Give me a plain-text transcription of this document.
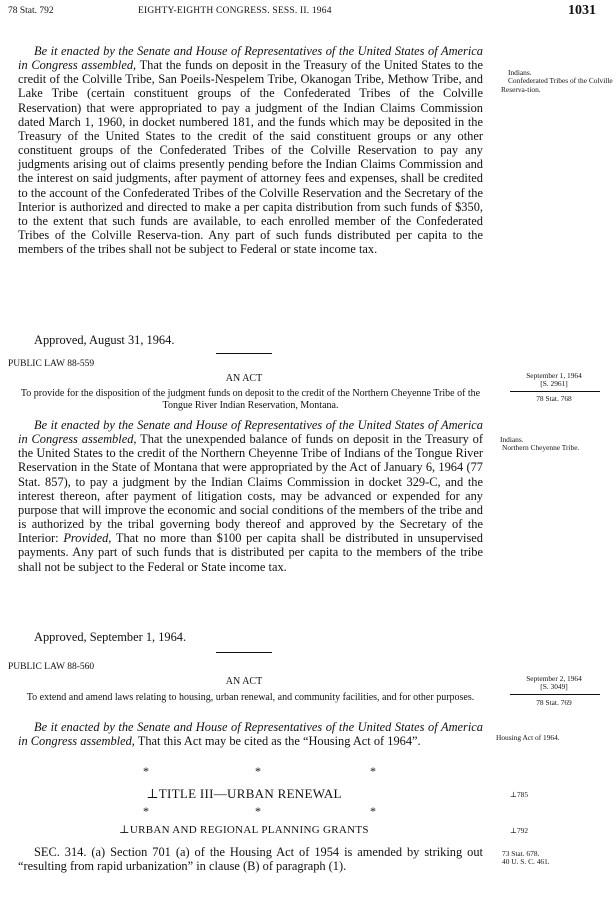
78 Stat. 792	EIGHTY-EIGHTH CONGRESS. SESS. II. 1964	1031

Be it enacted by the Senate and House of Representatives of the United States of America in Congress assembled, That the funds on deposit in the Treasury of the United States to the credit of the Colville Tribe, San Poeils-Nespelem Tribe, Okanogan Tribe, Methow Tribe, and Lake Tribe (certain constituent groups of the Confederated Tribes of the Colville Reservation) that were appropriated to pay a judgment of the Indian Claims Commission dated March 1, 1960, in docket numbered 181, and the funds which may be deposited in the Treasury of the United States to the credit of the said constituent groups or any other constituent groups of the Confederated Tribes of the Colville Reservation to pay any judgments arising out of claims presently pending before the Indian Claims Commission and the interest on said judgments, after payment of attorney fees and expenses, shall be credited to the account of the Confederated Tribes of the Colville Reservation and the Secretary of the Interior is authorized and directed to make a per capita distribution from such funds of $350, to the extent that such funds are available, to each enrolled member of the Confederated Tribes of the Colville Reserva-tion. Any part of such funds distributed per capita to the members of the tribes shall not be subject to Federal or state income tax.

Approved, August 31, 1964.
Indians.
Confederated Tribes of the Colville Reserva-tion.
PUBLIC LAW 88-559
AN ACT
To provide for the disposition of the judgment funds on deposit to the credit of the Northern Cheyenne Tribe of the Tongue River Indian Reservation, Montana.
September 1, 1964
[S. 2961]
78 Stat. 768

Be it enacted by the Senate and House of Representatives of the United States of America in Congress assembled, That the unexpended balance of funds on deposit in the Treasury of the United States to the credit of the Northern Cheyenne Tribe of Indians of the Tongue River Reservation in the State of Montana that were appropriated by the Act of January 6, 1964 (77 Stat. 857), to pay a judgment by the Indian Claims Commission in docket 329-C, and the interest thereon, after payment of litigation costs, may be advanced or expended for any purpose that will improve the economic and social conditions of the members of the tribe and is authorized by the tribal governing body thereof and approved by the Secretary of the Interior: Provided, That no more than $100 per capita shall be distributed in unsupervised payments. Any part of such funds that is distributed per capita to the members of the tribe shall not be subject to the Federal or State income tax.

Approved, September 1, 1964.
Indians.
Northern Cheyenne Tribe.
PUBLIC LAW 88-560
AN ACT
To extend and amend laws relating to housing, urban renewal, and community facilities, and for other purposes.
September 2, 1964
[S. 3049]
78 Stat. 769

Be it enacted by the Senate and House of Representatives of the United States of America in Congress assembled, That this Act may be cited as the “Housing Act of 1964”.	Housing Act of 1964.
*	*	*
⊥TITLE III—URBAN RENEWAL	⊥785
*	*	*
⊥URBAN AND REGIONAL PLANNING GRANTS	⊥792

SEC. 314. (a) Section 701 (a) of the Housing Act of 1954 is amended by striking out “resulting from rapid urbanization” in clause (B) of paragraph (1).

73 Stat. 678.
40 U. S. C. 461.
